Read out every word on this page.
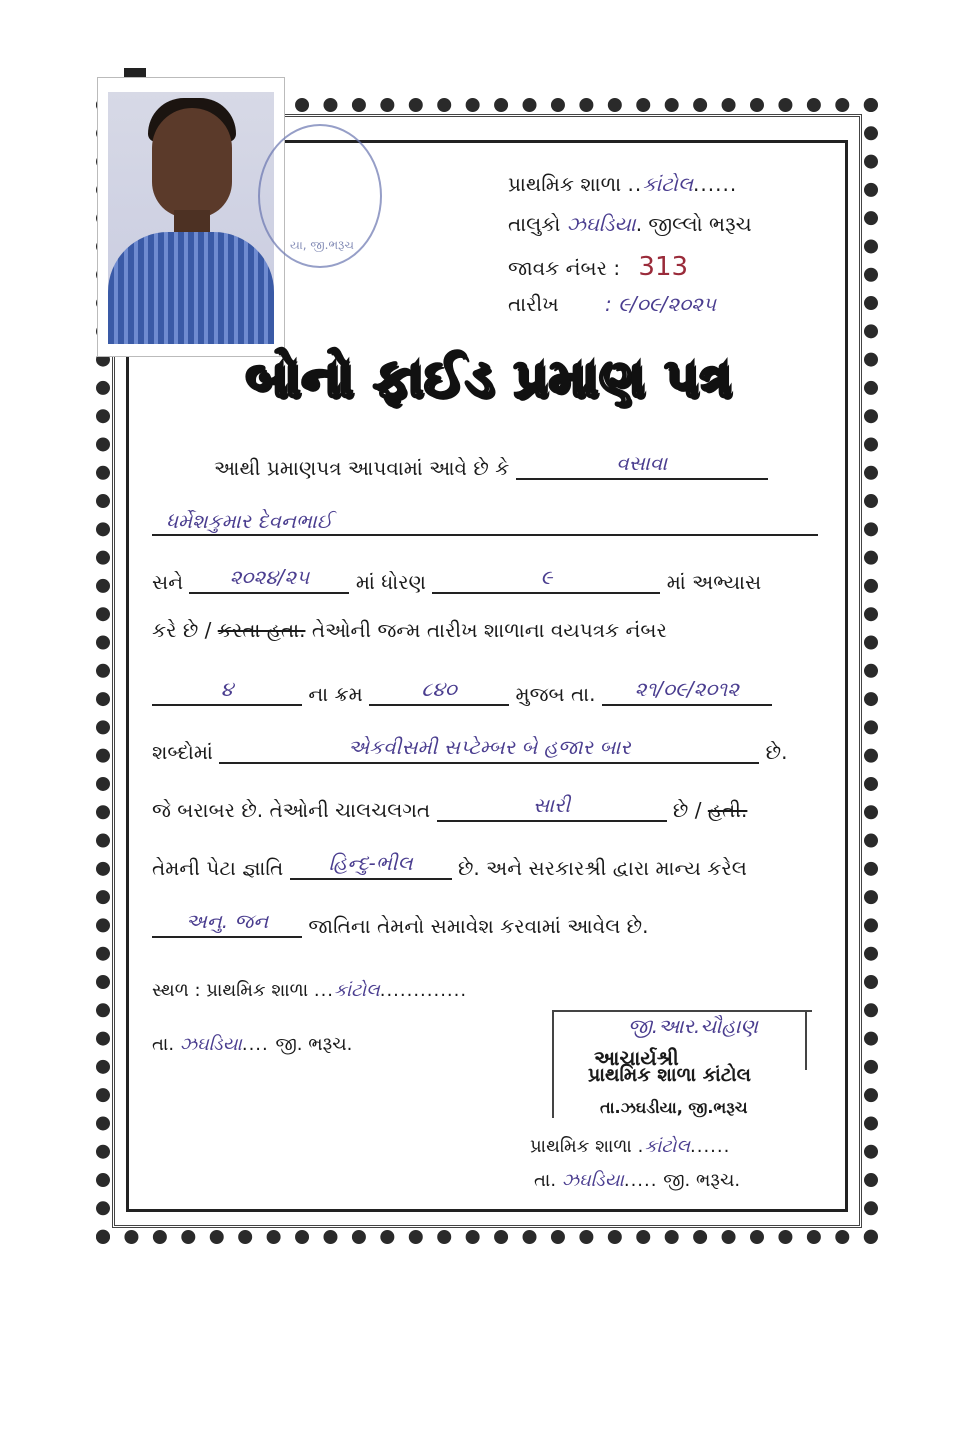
યા, જી.ભરૂચ
પ્રાથમિક શાળા ..કાંટોલ......
તાલુકો ઝઘડિયા. જીલ્લો ભરૂચ
જાવક નંબર : 313
તારીખ : ૯/૦૯/૨૦૨૫
બોનો ફાઈડ પ્રમાણ પત્ર
આથી પ્રમાણપત્ર આપવામાં આવે છે કે	વસાવા
ધર્મેશકુમાર દેવનભાઈ
સને ૨૦૨૪/૨૫ માં ધોરણ	૯	માં અભ્યાસ
કરે છે / કરતા હતા. તેઓની જન્મ તારીખ શાળાના વયપત્રક નંબર
૪	ના ક્રમ	૮૪૦	મુજબ તા. ૨૧/૦૯/૨૦૧૨
શબ્દોમાં	એકવીસમી સપ્ટેમ્બર બે હજાર બાર	છે.
જે બરાબર છે. તેઓની ચાલચલગત	સારી	છે / હતી.
તેમની પેટા જ્ઞાતિ હિન્દુ-ભીલ છે. અને સરકારશ્રી દ્વારા માન્ય કરેલ
અનુ. જન જાતિના તેમનો સમાવેશ કરવામાં આવેલ છે.
સ્થળ : પ્રાથમિક શાળા ...કાંટોલ.............
તા. ઝઘડિયા.... જી. ભરૂચ.
જી.આર.ચૌહાણ
આચાર્યશ્રી
પ્રાથમિક શાળા કાંટોલ
તા.ઝઘડીયા, જી.ભરૂચ
પ્રાથમિક શાળા .કાંટોલ......
તા. ઝઘડિયા..... જી. ભરૂચ.
